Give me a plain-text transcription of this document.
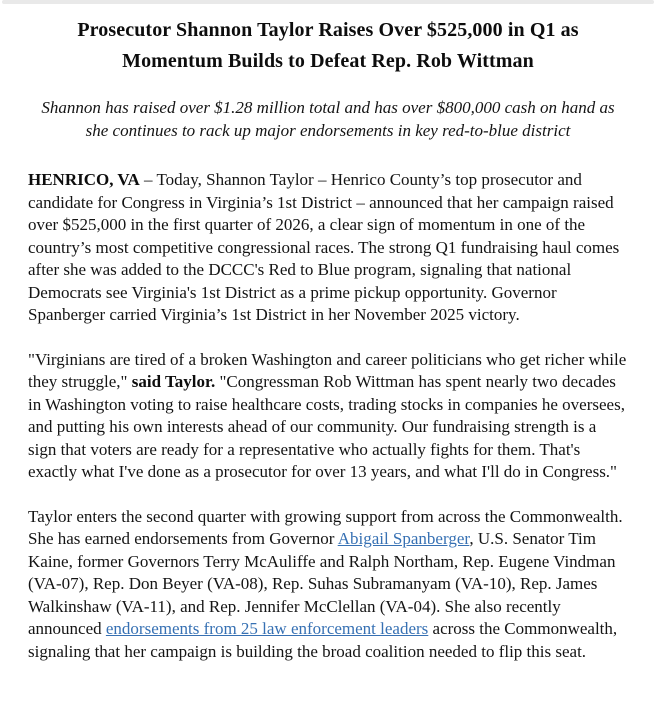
Prosecutor Shannon Taylor Raises Over $525,000 in Q1 as Momentum Builds to Defeat Rep. Rob Wittman

Shannon has raised over $1.28 million total and has over $800,000 cash on hand as she continues to rack up major endorsements in key red-to-blue district

HENRICO, VA – Today, Shannon Taylor – Henrico County’s top prosecutor and candidate for Congress in Virginia’s 1st District – announced that her campaign raised over $525,000 in the first quarter of 2026, a clear sign of momentum in one of the country’s most competitive congressional races. The strong Q1 fundraising haul comes after she was added to the DCCC's Red to Blue program, signaling that national Democrats see Virginia's 1st District as a prime pickup opportunity. Governor Spanberger carried Virginia’s 1st District in her November 2025 victory.

"Virginians are tired of a broken Washington and career politicians who get richer while they struggle," said Taylor. "Congressman Rob Wittman has spent nearly two decades in Washington voting to raise healthcare costs, trading stocks in companies he oversees, and putting his own interests ahead of our community. Our fundraising strength is a sign that voters are ready for a representative who actually fights for them. That's exactly what I've done as a prosecutor for over 13 years, and what I'll do in Congress."

Taylor enters the second quarter with growing support from across the Commonwealth. She has earned endorsements from Governor Abigail Spanberger, U.S. Senator Tim Kaine, former Governors Terry McAuliffe and Ralph Northam, Rep. Eugene Vindman (VA-07), Rep. Don Beyer (VA-08), Rep. Suhas Subramanyam (VA-10), Rep. James Walkinshaw (VA-11), and Rep. Jennifer McClellan (VA-04). She also recently announced endorsements from 25 law enforcement leaders across the Commonwealth, signaling that her campaign is building the broad coalition needed to flip this seat.
